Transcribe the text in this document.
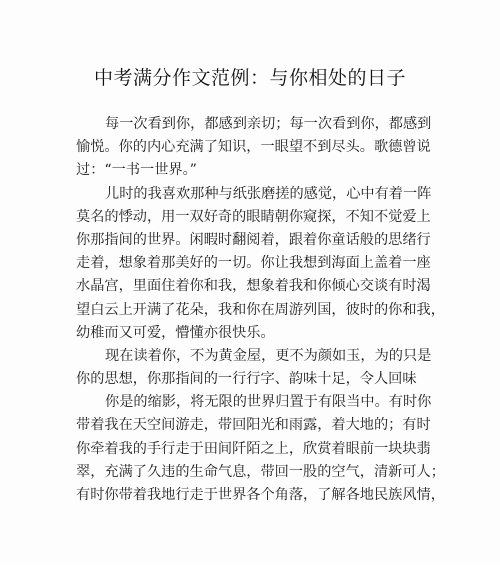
中考满分作文范例：与你相处的日子
每一次看到你，都感到亲切；每一次看到你，都感到
愉悦。你的内心充满了知识，一眼望不到尽头。歌德曾说
过：“一书一世界。”
儿时的我喜欢那种与纸张磨搓的感觉，心中有着一阵
莫名的悸动，用一双好奇的眼睛朝你窥探，不知不觉爱上
你那指间的世界。闲暇时翻阅着，跟着你童话般的思绪行
走着，想象着那美好的一切。你让我想到海面上盖着一座
水晶宫，里面住着你和我，想象着我和你倾心交谈有时渴
望白云上开满了花朵，我和你在周游列国，彼时的你和我，
幼稚而又可爱，懵懂亦很快乐。
现在读着你，不为黄金屋，更不为颜如玉，为的只是
你的思想，你那指间的一行行字、韵味十足，令人回味
你是的缩影，将无限的世界归置于有限当中。有时你
带着我在天空间游走，带回阳光和雨露，着大地的；有时
你牵着我的手行走于田间阡陌之上，欣赏着眼前一块块翡
翠，充满了久违的生命气息，带回一股的空气，清新可人；
有时你带着我地行走于世界各个角落，了解各地民族风情，
